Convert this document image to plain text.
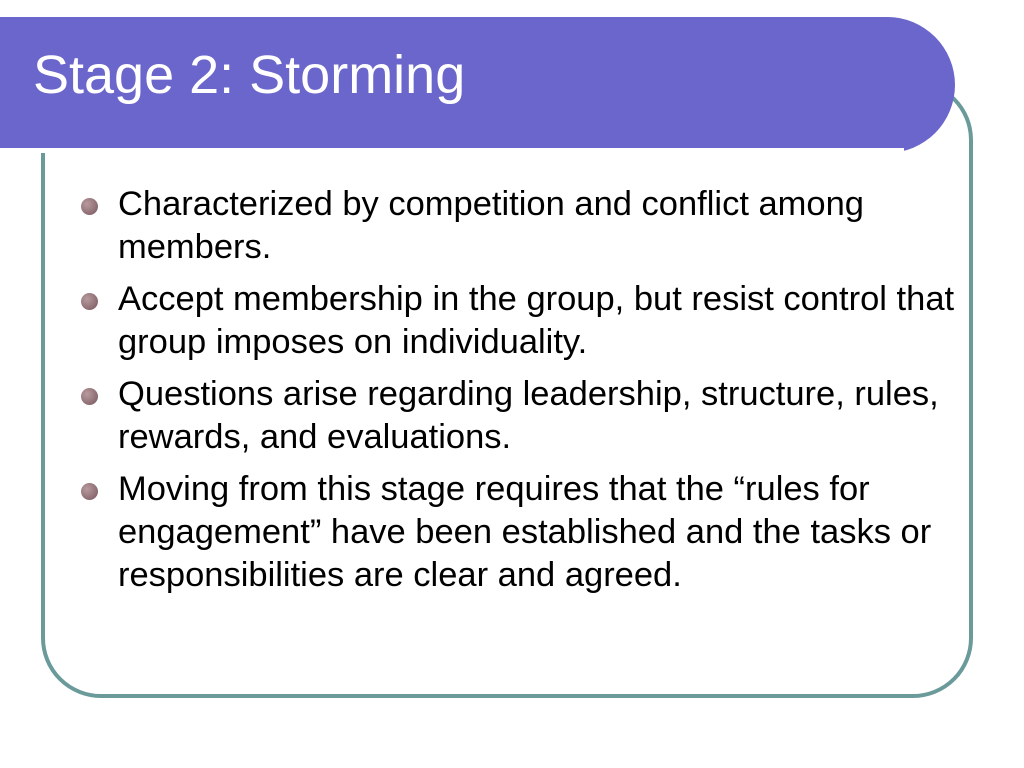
Stage 2: Storming
Characterized by competition and conflict among members.
Accept membership in the group, but resist control that group imposes on individuality.
Questions arise regarding leadership, structure, rules, rewards, and evaluations.
Moving from this stage requires that the “rules for engagement” have been established and the tasks or responsibilities are clear and agreed.
